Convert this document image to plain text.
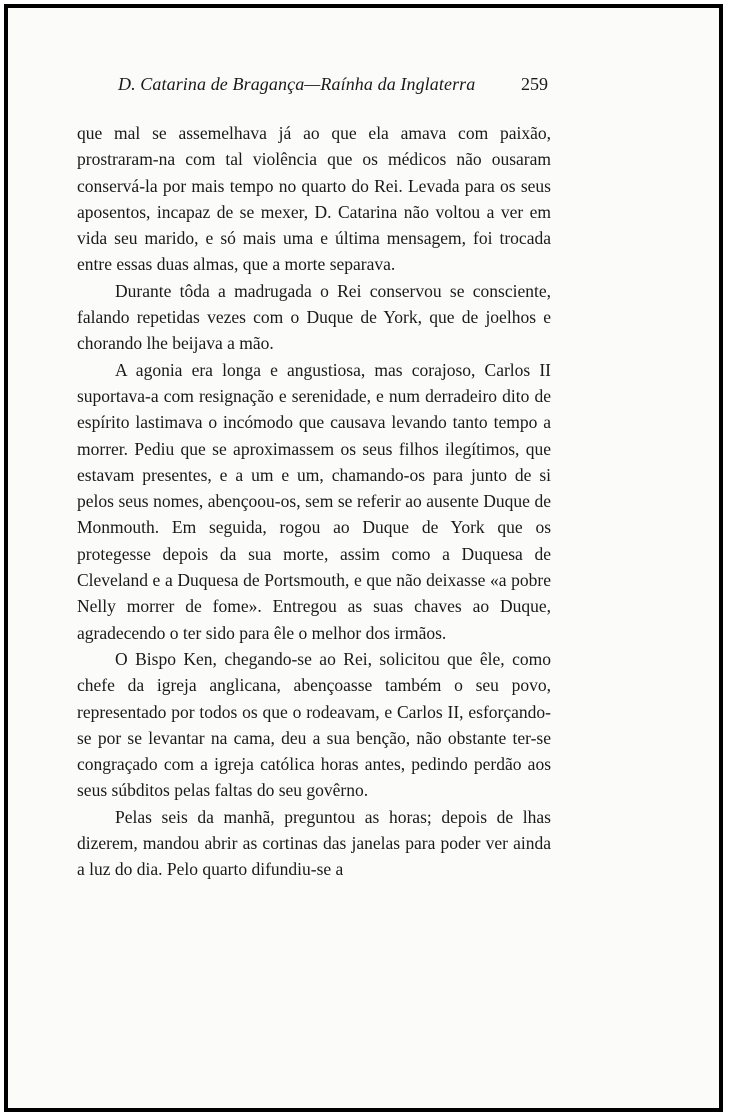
D. Catarina de Bragança—Raínha da Inglaterra	259

que mal se assemelhava já ao que ela amava com paixão, prostraram-na com tal violência que os médicos não ousaram conservá-la por mais tempo no quarto do Rei. Levada para os seus aposentos, incapaz de se mexer, D. Catarina não voltou a ver em vida seu marido, e só mais uma e última mensagem, foi trocada entre essas duas almas, que a morte separava.

Durante tôda a madrugada o Rei conservou se consciente, falando repetidas vezes com o Duque de York, que de joelhos e chorando lhe beijava a mão.

A agonia era longa e angustiosa, mas corajoso, Carlos II suportava-a com resignação e serenidade, e num derradeiro dito de espírito lastimava o incómodo que causava levando tanto tempo a morrer. Pediu que se aproximassem os seus filhos ilegítimos, que estavam presentes, e a um e um, chamando-os para junto de si pelos seus nomes, abençoou-os, sem se referir ao ausente Duque de Monmouth. Em seguida, rogou ao Duque de York que os protegesse depois da sua morte, assim como a Duquesa de Cleveland e a Duquesa de Portsmouth, e que não deixasse «a pobre Nelly morrer de fome». Entregou as suas chaves ao Duque, agradecendo o ter sido para êle o melhor dos irmãos.

O Bispo Ken, chegando-se ao Rei, solicitou que êle, como chefe da igreja anglicana, abençoasse também o seu povo, representado por todos os que o rodeavam, e Carlos II, esforçando-se por se levantar na cama, deu a sua benção, não obstante ter-se congraçado com a igreja católica horas antes, pedindo perdão aos seus súbditos pelas faltas do seu govêrno.

Pelas seis da manhã, preguntou as horas; depois de lhas dizerem, mandou abrir as cortinas das janelas para poder ver ainda a luz do dia. Pelo quarto difundiu-se a
